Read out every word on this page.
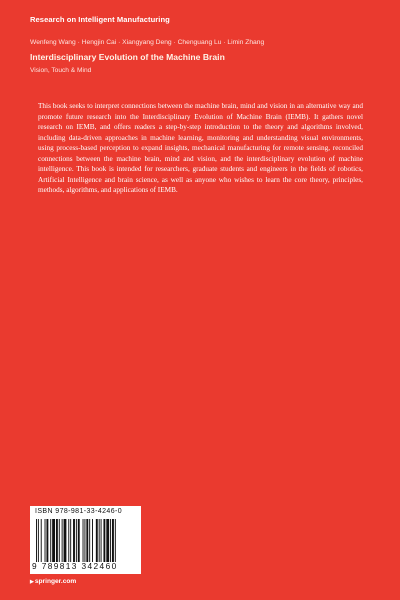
Research on Intelligent Manufacturing
Wenfeng Wang · Hengjin Cai · Xiangyang Deng · Chenguang Lu · Limin Zhang
Interdisciplinary Evolution of the Machine Brain
Vision, Touch & Mind

This book seeks to interpret connections between the machine brain, mind and vision in an alternative way and promote future research into the Interdisciplinary Evolution of Machine Brain (IEMB). It gathers novel research on IEMB, and offers readers a step-by-step introduction to the theory and algorithms involved, including data-driven approaches in machine learning, monitoring and understanding visual environments, using process-based perception to expand insights, mechanical manufacturing for remote sensing, reconciled connections between the machine brain, mind and vision, and the interdisciplinary evolution of machine intelligence. This book is intended for researchers, graduate students and engineers in the fields of robotics, Artificial Intelligence and brain science, as well as anyone who wishes to learn the core theory, principles, methods, algorithms, and applications of IEMB.

ISBN 978-981-33-4246-0
9 789813 342460
▶springer.com
